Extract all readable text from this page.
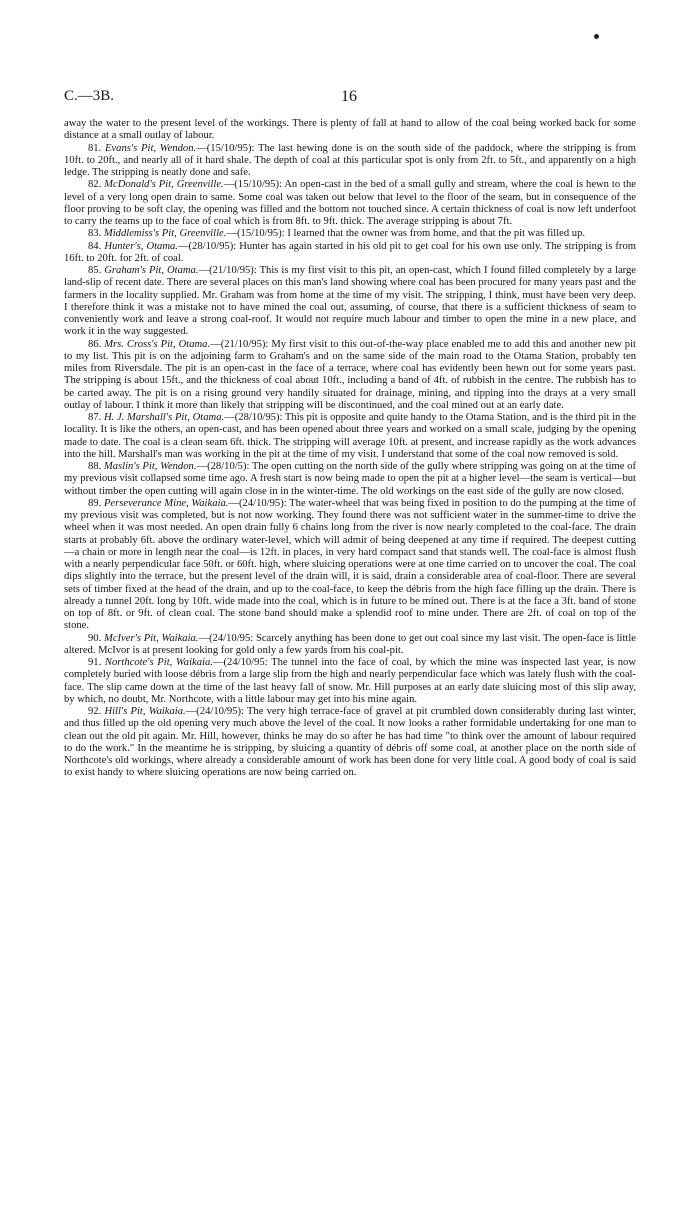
C.—3B.	16

away the water to the present level of the workings. There is plenty of fall at hand to allow of the coal being worked back for some distance at a small outlay of labour.

81. Evans's Pit, Wendon.—(15/10/95): The last hewing done is on the south side of the paddock, where the stripping is from 10ft. to 20ft., and nearly all of it hard shale. The depth of coal at this particular spot is only from 2ft. to 5ft., and apparently on a high ledge. The stripping is neatly done and safe.

82. McDonald's Pit, Greenville.—(15/10/95): An open-cast in the bed of a small gully and stream, where the coal is hewn to the level of a very long open drain to same. Some coal was taken out below that level to the floor of the seam, but in consequence of the floor proving to be soft clay, the opening was filled and the bottom not touched since. A certain thickness of coal is now left underfoot to carry the teams up to the face of coal which is from 8ft. to 9ft. thick. The average stripping is about 7ft.

83. Middlemiss's Pit, Greenville.—(15/10/95): I learned that the owner was from home, and that the pit was filled up.

84. Hunter's, Otama.—(28/10/95): Hunter has again started in his old pit to get coal for his own use only. The stripping is from 16ft. to 20ft. for 2ft. of coal.

85. Graham's Pit, Otama.—(21/10/95): This is my first visit to this pit, an open-cast, which I found filled completely by a large land-slip of recent date. There are several places on this man's land showing where coal has been procured for many years past and the farmers in the locality supplied. Mr. Graham was from home at the time of my visit. The stripping, I think, must have been very deep. I therefore think it was a mistake not to have mined the coal out, assuming, of course, that there is a sufficient thickness of seam to conveniently work and leave a strong coal-roof. It would not require much labour and timber to open the mine in a new place, and work it in the way suggested.

86. Mrs. Cross's Pit, Otama.—(21/10/95): My first visit to this out-of-the-way place enabled me to add this and another new pit to my list. This pit is on the adjoining farm to Graham's and on the same side of the main road to the Otama Station, probably ten miles from Riversdale. The pit is an open-cast in the face of a terrace, where coal has evidently been hewn out for some years past. The stripping is about 15ft., and the thickness of coal about 10ft., including a band of 4ft. of rubbish in the centre. The rubbish has to be carted away. The pit is on a rising ground very handily situated for drainage, mining, and tipping into the drays at a very small outlay of labour. I think it more than likely that stripping will be discontinued, and the coal mined out at an early date.

87. H. J. Marshall's Pit, Otama.—(28/10/95): This pit is opposite and quite handy to the Otama Station, and is the third pit in the locality. It is like the others, an open-cast, and has been opened about three years and worked on a small scale, judging by the opening made to date. The coal is a clean seam 6ft. thick. The stripping will average 10ft. at present, and increase rapidly as the work advances into the hill. Marshall's man was working in the pit at the time of my visit. I understand that some of the coal now removed is sold.

88. Maslin's Pit, Wendon.—(28/10/5): The open cutting on the north side of the gully where stripping was going on at the time of my previous visit collapsed some time ago. A fresh start is now being made to open the pit at a higher level—the seam is vertical—but without timber the open cutting will again close in in the winter-time. The old workings on the east side of the gully are now closed.

89. Perseverance Mine, Waikaia.—(24/10/95): The water-wheel that was being fixed in position to do the pumping at the time of my previous visit was completed, but is not now working. They found there was not sufficient water in the summer-time to drive the wheel when it was most needed. An open drain fully 6 chains long from the river is now nearly completed to the coal-face. The drain starts at probably 6ft. above the ordinary water-level, which will admit of being deepened at any time if required. The deepest cutting—a chain or more in length near the coal—is 12ft. in places, in very hard compact sand that stands well. The coal-face is almost flush with a nearly perpendicular face 50ft. or 60ft. high, where sluicing operations were at one time carried on to uncover the coal. The coal dips slightly into the terrace, but the present level of the drain will, it is said, drain a considerable area of coal-floor. There are several sets of timber fixed at the head of the drain, and up to the coal-face, to keep the débris from the high face filling up the drain. There is already a tunnel 20ft. long by 10ft. wide made into the coal, which is in future to be mined out. There is at the face a 3ft. band of stone on top of 8ft. or 9ft. of clean coal. The stone band should make a splendid roof to mine under. There are 2ft. of coal on top of the stone.

90. McIver's Pit, Waikaia.—(24/10/95: Scarcely anything has been done to get out coal since my last visit. The open-face is little altered. McIvor is at present looking for gold only a few yards from his coal-pit.

91. Northcote's Pit, Waikaia.—(24/10/95: The tunnel into the face of coal, by which the mine was inspected last year, is now completely buried with loose débris from a large slip from the high and nearly perpendicular face which was lately flush with the coal-face. The slip came down at the time of the last heavy fall of snow. Mr. Hill purposes at an early date sluicing most of this slip away, by which, no doubt, Mr. Northcote, with a little labour may get into his mine again.

92. Hill's Pit, Waikaia.—(24/10/95): The very high terrace-face of gravel at pit crumbled down considerably during last winter, and thus filled up the old opening very much above the level of the coal. It now looks a rather formidable undertaking for one man to clean out the old pit again. Mr. Hill, however, thinks he may do so after he has had time "to think over the amount of labour required to do the work." In the meantime he is stripping, by sluicing a quantity of débris off some coal, at another place on the north side of Northcote's old workings, where already a considerable amount of work has been done for very little coal. A good body of coal is said to exist handy to where sluicing operations are now being carried on.
